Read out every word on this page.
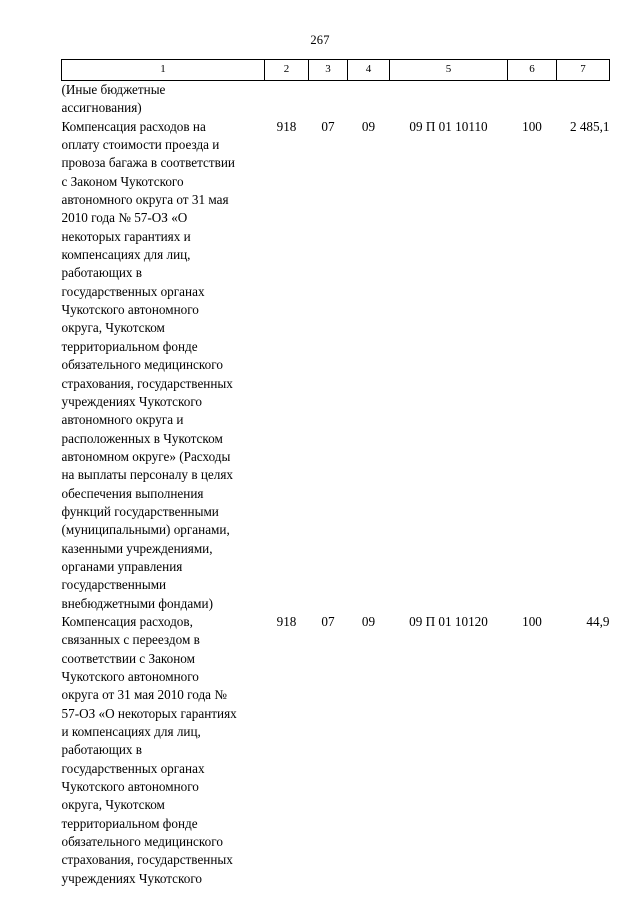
267
1	2	3	4	5	6	7

(Иные бюджетные
ассигнования)						

Компенсация расходов на
оплату стоимости проезда и
провоза багажа в соответствии
с Законом Чукотского
автономного округа от 31 мая
2010 года № 57-ОЗ «О
некоторых гарантиях и
компенсациях для лиц,
работающих в
государственных органах
Чукотского автономного
округа, Чукотском
территориальном фонде
обязательного медицинского
страхования, государственных
учреждениях Чукотского
автономного округа и
расположенных в Чукотском
автономном округе» (Расходы
на выплаты персоналу в целях
обеспечения выполнения
функций государственными
(муниципальными) органами,
казенными учреждениями,
органами управления
государственными
внебюджетными фондами)
	918	07	09	09 П 01 10110	100	2 485,1

Компенсация расходов,
связанных с переездом в
соответствии с Законом
Чукотского автономного
округа от 31 мая 2010 года №
57-ОЗ «О некоторых гарантиях
и компенсациях для лиц,
работающих в
государственных органах
Чукотского автономного
округа, Чукотском
территориальном фонде
обязательного медицинского
страхования, государственных
учреждениях Чукотского
	918	07	09	09 П 01 10120	100	44,9
